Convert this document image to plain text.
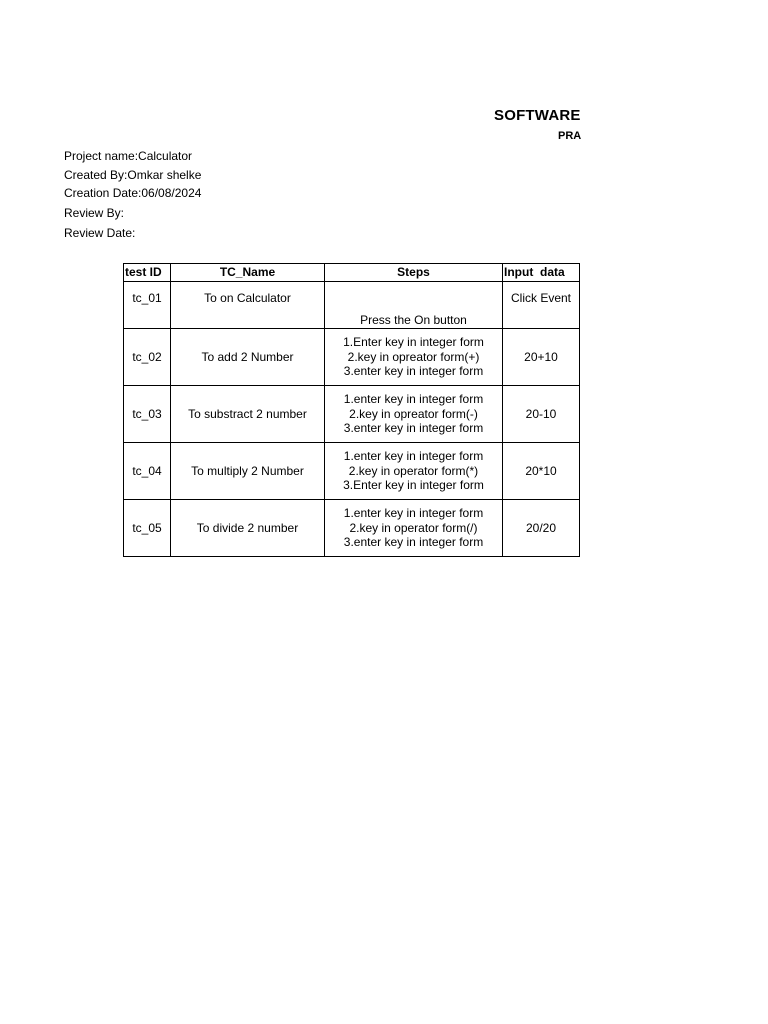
SOFTWARE
PRA
Project name:Calculator
Created By:Omkar shelke
Creation Date:06/08/2024
Review By:
Review Date:
test ID	TC_Name	Steps	Input  data
tc_01	To on Calculator	Press the On button	Click Event
tc_02	To add 2 Number	1.Enter key in integer form
2.key in opreator form(+)
3.enter key in integer form	20+10
tc_03	To substract 2 number	1.enter key in integer form
2.key in opreator form(-)
3.enter key in integer form	20-10
tc_04	To multiply 2 Number	1.enter key in integer form
2.key in operator form(*)
3.Enter key in integer form	20*10
tc_05	To divide 2 number	1.enter key in integer form
2.key in operator form(/)
3.enter key in integer form	20/20
